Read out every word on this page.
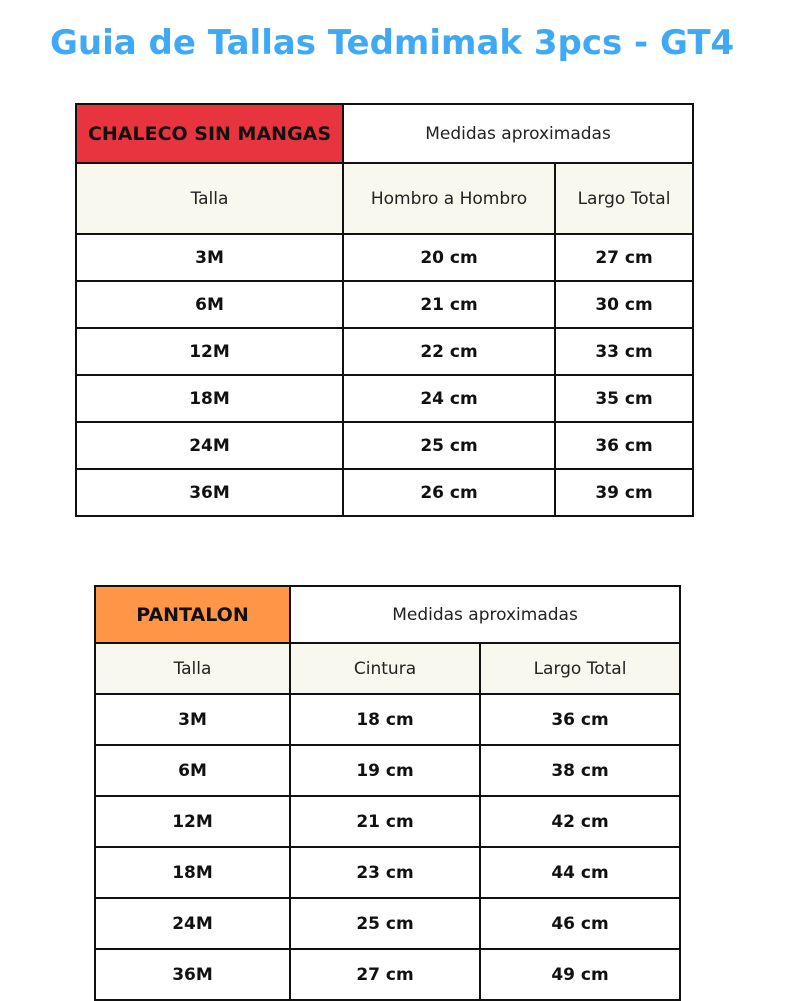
Guia de Tallas Tedmimak 3pcs - GT4
CHALECO SIN MANGAS	Medidas aproximadas	
Talla	Hombro a Hombro	Largo Total
3M	20 cm	27 cm
6M	21 cm	30 cm
12M	22 cm	33 cm
18M	24 cm	35 cm
24M	25 cm	36 cm
36M	26 cm	39 cm
PANTALON	Medidas aproximadas	
Talla	Cintura	Largo Total
3M	18 cm	36 cm
6M	19 cm	38 cm
12M	21 cm	42 cm
18M	23 cm	44 cm
24M	25 cm	46 cm
36M	27 cm	49 cm
